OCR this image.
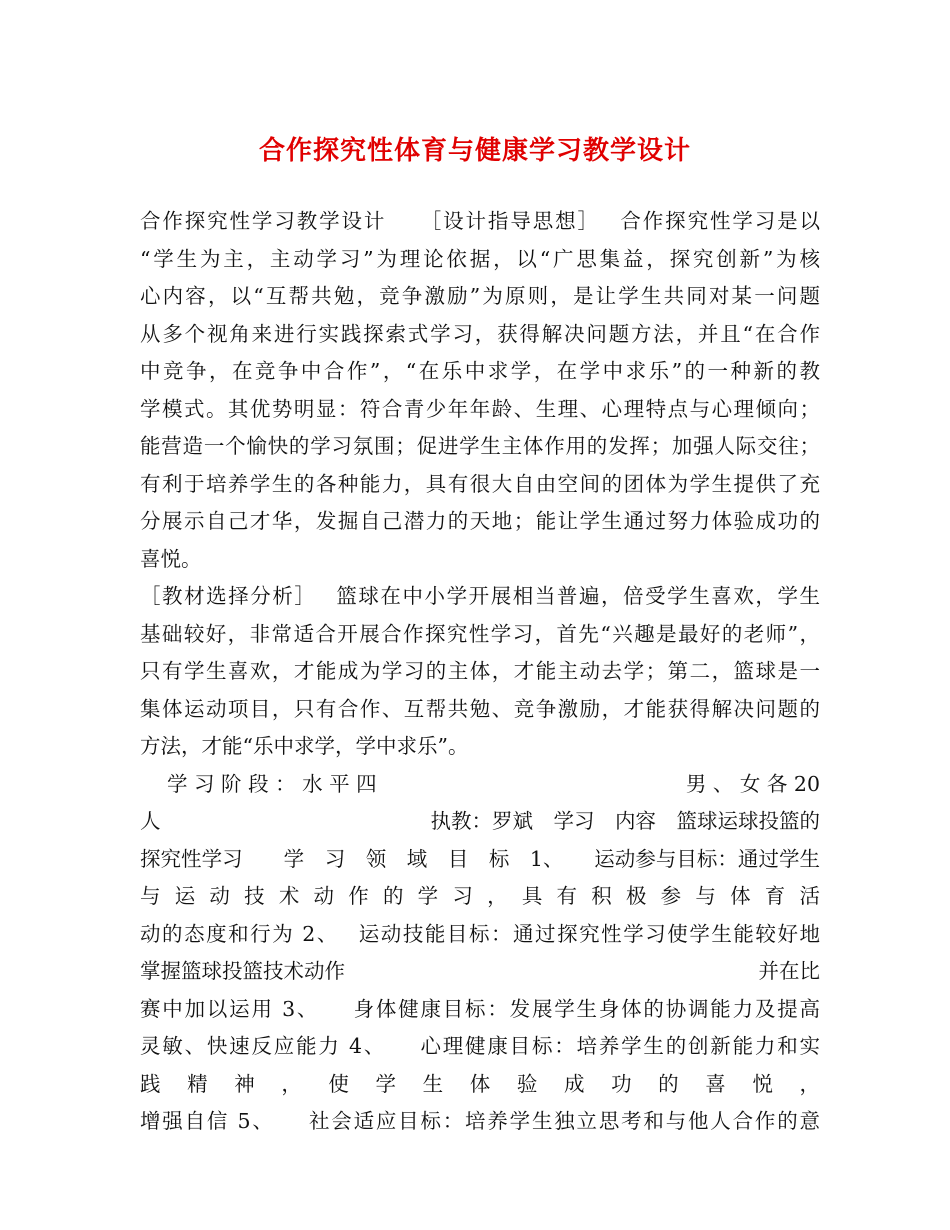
合作探究性体育与健康学习教学设计
合作探究性学习教学设计　　［设计指导思想］　 合作探究性学习是以
“学生为主，主动学习”为理论依据，以“广思集益，探究创新”为核
心内容，以“互帮共勉，竞争激励”为原则，是让学生共同对某一问题
从多个视角来进行实践探索式学习，获得解决问题方法，并且“在合作
中竞争，在竞争中合作”，“在乐中求学，在学中求乐”的一种新的教
学模式。其优势明显：符合青少年年龄、生理、心理特点与心理倾向；
能营造一个愉快的学习氛围；促进学生主体作用的发挥；加强人际交往；
有利于培养学生的各种能力，具有很大自由空间的团体为学生提供了充
分展示自己才华，发掘自己潜力的天地；能让学生通过努力体验成功的
喜悦。
［教材选择分析］　 篮球在中小学开展相当普遍，倍受学生喜欢，学生
基础较好，非常适合开展合作探究性学习，首先“兴趣是最好的老师”，
只有学生喜欢，才能成为学习的主体，才能主动去学；第二，篮球是一
集体运动项目，只有合作、互帮共勉、竞争激励，才能获得解决问题的
方法，才能“乐中求学，学中求乐”。
　 学 习 阶 段 ： 水 平 四	男 、 女 各 20
人	执教：罗斌　学习　内容　篮球运球投篮的
探究性学习　　学　习　领　域　目　标　1、　　运动参与目标：通过学生
与 运 动 技 术 动 作 的 学 习 ， 具 有 积 极 参 与 体 育 活
动的态度和行为 2、　 运动技能目标：通过探究性学习使学生能较好地
掌握篮球投篮技术动作	并在比
赛中加以运用 3、　　身体健康目标：发展学生身体的协调能力及提高
灵敏、快速反应能力 4、　　心理健康目标：培养学生的创新能力和实
践 精 神 ， 使 学 生 体 验 成 功 的 喜 悦 ，
增强自信 5、　　社会适应目标：培养学生独立思考和与他人合作的意
